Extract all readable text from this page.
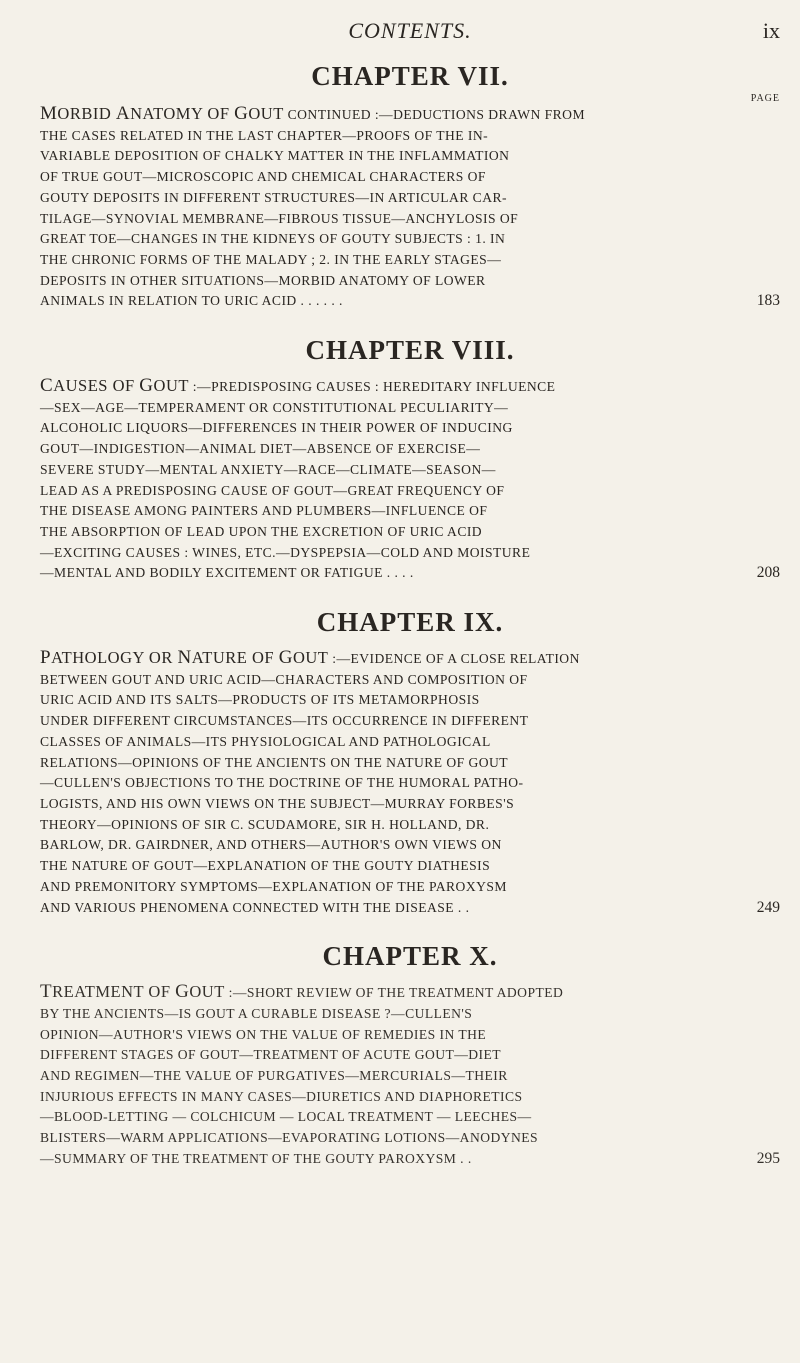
CONTENTS.	ix
CHAPTER VII.
PAGE
MORBID ANATOMY OF GOUT CONTINUED :—DEDUCTIONS DRAWN FROM
THE CASES RELATED IN THE LAST CHAPTER—PROOFS OF THE IN-
VARIABLE DEPOSITION OF CHALKY MATTER IN THE INFLAMMATION
OF TRUE GOUT—MICROSCOPIC AND CHEMICAL CHARACTERS OF
GOUTY DEPOSITS IN DIFFERENT STRUCTURES—IN ARTICULAR CAR-
TILAGE—SYNOVIAL MEMBRANE—FIBROUS TISSUE—ANCHYLOSIS OF
GREAT TOE—CHANGES IN THE KIDNEYS OF GOUTY SUBJECTS : 1. IN
THE CHRONIC FORMS OF THE MALADY ; 2. IN THE EARLY STAGES—
DEPOSITS IN OTHER SITUATIONS—MORBID ANATOMY OF LOWER
ANIMALS IN RELATION TO URIC ACID . . . . . .	183
CHAPTER VIII.
CAUSES OF GOUT :—PREDISPOSING CAUSES : HEREDITARY INFLUENCE
—SEX—AGE—TEMPERAMENT OR CONSTITUTIONAL PECULIARITY—
ALCOHOLIC LIQUORS—DIFFERENCES IN THEIR POWER OF INDUCING
GOUT—INDIGESTION—ANIMAL DIET—ABSENCE OF EXERCISE—
SEVERE STUDY—MENTAL ANXIETY—RACE—CLIMATE—SEASON—
LEAD AS A PREDISPOSING CAUSE OF GOUT—GREAT FREQUENCY OF
THE DISEASE AMONG PAINTERS AND PLUMBERS—INFLUENCE OF
THE ABSORPTION OF LEAD UPON THE EXCRETION OF URIC ACID
—EXCITING CAUSES : WINES, ETC.—DYSPEPSIA—COLD AND MOISTURE
—MENTAL AND BODILY EXCITEMENT OR FATIGUE . . . .	208
CHAPTER IX.
PATHOLOGY OR NATURE OF GOUT :—EVIDENCE OF A CLOSE RELATION
BETWEEN GOUT AND URIC ACID—CHARACTERS AND COMPOSITION OF
URIC ACID AND ITS SALTS—PRODUCTS OF ITS METAMORPHOSIS
UNDER DIFFERENT CIRCUMSTANCES—ITS OCCURRENCE IN DIFFERENT
CLASSES OF ANIMALS—ITS PHYSIOLOGICAL AND PATHOLOGICAL
RELATIONS—OPINIONS OF THE ANCIENTS ON THE NATURE OF GOUT
—CULLEN'S OBJECTIONS TO THE DOCTRINE OF THE HUMORAL PATHO-
LOGISTS, AND HIS OWN VIEWS ON THE SUBJECT—MURRAY FORBES'S
THEORY—OPINIONS OF SIR C. SCUDAMORE, SIR H. HOLLAND, DR.
BARLOW, DR. GAIRDNER, AND OTHERS—AUTHOR'S OWN VIEWS ON
THE NATURE OF GOUT—EXPLANATION OF THE GOUTY DIATHESIS
AND PREMONITORY SYMPTOMS—EXPLANATION OF THE PAROXYSM
AND VARIOUS PHENOMENA CONNECTED WITH THE DISEASE . .	249
CHAPTER X.
TREATMENT OF GOUT :—SHORT REVIEW OF THE TREATMENT ADOPTED
BY THE ANCIENTS—IS GOUT A CURABLE DISEASE ?—CULLEN'S
OPINION—AUTHOR'S VIEWS ON THE VALUE OF REMEDIES IN THE
DIFFERENT STAGES OF GOUT—TREATMENT OF ACUTE GOUT—DIET
AND REGIMEN—THE VALUE OF PURGATIVES—MERCURIALS—THEIR
INJURIOUS EFFECTS IN MANY CASES—DIURETICS AND DIAPHORETICS
—BLOOD-LETTING — COLCHICUM — LOCAL TREATMENT — LEECHES—
BLISTERS—WARM APPLICATIONS—EVAPORATING LOTIONS—ANODYNES
—SUMMARY OF THE TREATMENT OF THE GOUTY PAROXYSM . .	295
